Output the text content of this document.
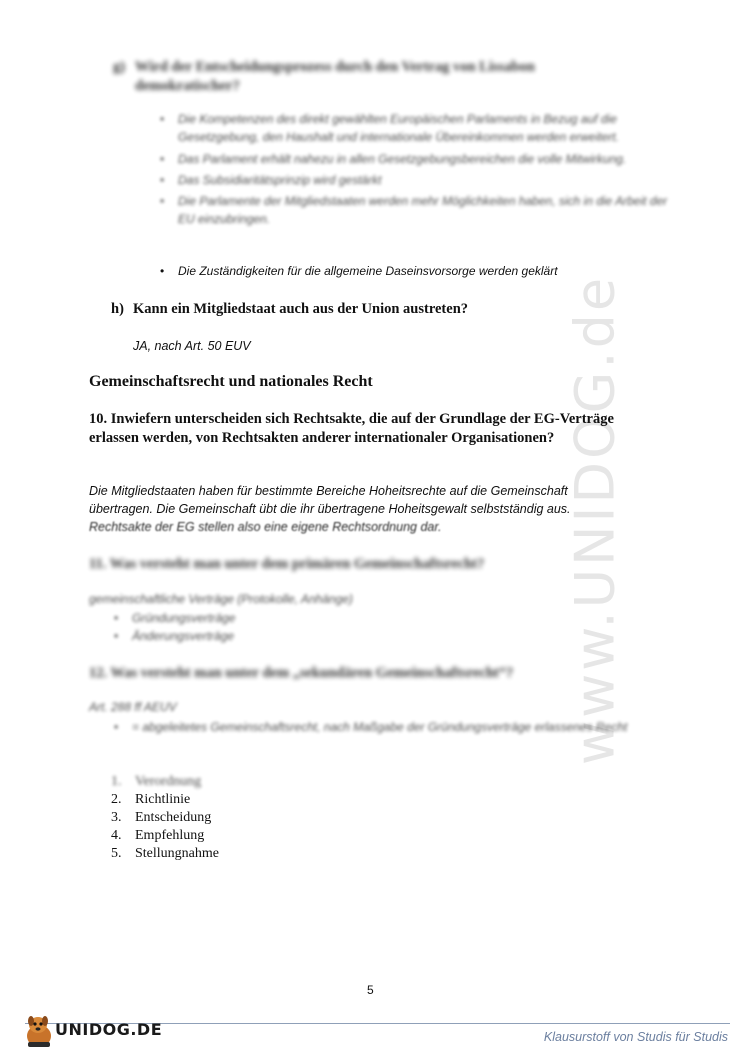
www.UNIDOG.de
g) Wird der Entscheidungsprozess durch den Vertrag von Lissabon
demokratischer?
• Die Kompetenzen des direkt gewählten Europäischen Parlaments in Bezug auf die Gesetzgebung, den Haushalt und internationale Übereinkommen werden erweitert.
• Das Parlament erhält nahezu in allen Gesetzgebungsbereichen die volle Mitwirkung.
• Das Subsidiaritätsprinzip wird gestärkt
• Die Parlamente der Mitgliedstaaten werden mehr Möglichkeiten haben, sich in die Arbeit der EU einzubringen.
• Die Zuständigkeiten für die allgemeine Daseinsvorsorge werden geklärt
h) Kann ein Mitgliedstaat auch aus der Union austreten?
JA, nach Art. 50 EUV
Gemeinschaftsrecht und nationales Recht
10. Inwiefern unterscheiden sich Rechtsakte, die auf der Grundlage der EG-Verträge erlassen werden, von Rechtsakten anderer internationaler Organisationen?
Die Mitgliedstaaten haben für bestimmte Bereiche Hoheitsrechte auf die Gemeinschaft
übertragen. Die Gemeinschaft übt die ihr übertragene Hoheitsgewalt selbstständig aus.
Rechtsakte der EG stellen also eine eigene Rechtsordnung dar.
11. Was versteht man unter dem primären Gemeinschaftsrecht?
gemeinschaftliche Verträge (Protokolle, Anhänge)
• Gründungsverträge
• Änderungsverträge
12. Was versteht man unter dem „sekundären Gemeinschaftsrecht“?
Art. 288 ff AEUV
• = abgeleitetes Gemeinschaftsrecht, nach Maßgabe der Gründungsverträge erlassenes Recht
1. Verordnung
2. Richtlinie
3. Entscheidung
4. Empfehlung
5. Stellungnahme
5
UNIDOG.DE	Klausurstoff von Studis für Studis
